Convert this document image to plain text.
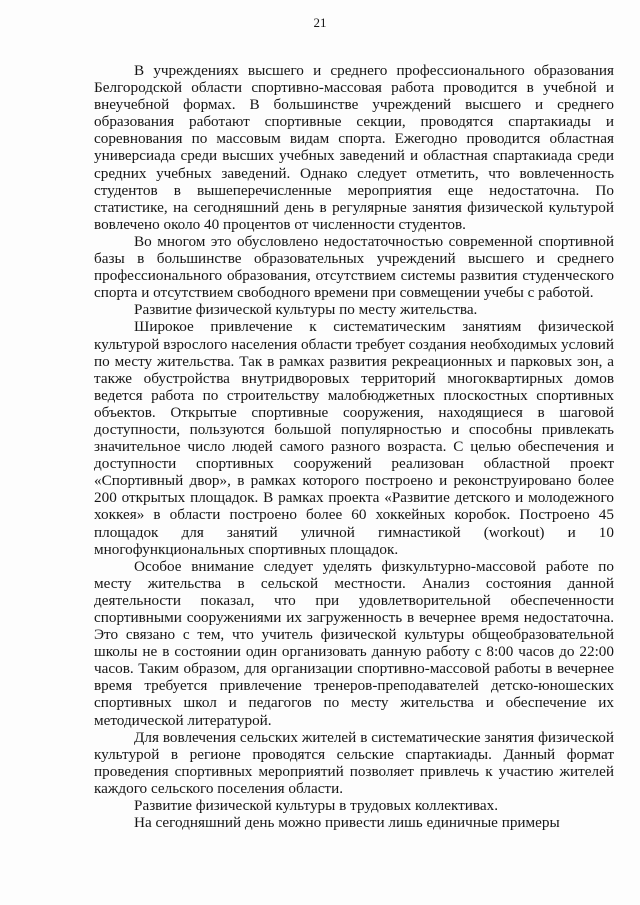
21

В учреждениях высшего и среднего профессионального образования Белгородской области спортивно-массовая работа проводится в учебной и внеучебной формах. В большинстве учреждений высшего и среднего образования работают спортивные секции, проводятся спартакиады и соревнования по массовым видам спорта. Ежегодно проводится областная универсиада среди высших учебных заведений и областная спартакиада среди средних учебных заведений. Однако следует отметить, что вовлеченность студентов в вышеперечисленные мероприятия еще недостаточна. По статистике, на сегодняшний день в регулярные занятия физической культурой вовлечено около 40 процентов от численности студентов.

Во многом это обусловлено недостаточностью современной спортивной базы в большинстве образовательных учреждений высшего и среднего профессионального образования, отсутствием системы развития студенческого спорта и отсутствием свободного времени при совмещении учебы с работой.

Развитие физической культуры по месту жительства.

Широкое привлечение к систематическим занятиям физической культурой взрослого населения области требует создания необходимых условий по месту жительства. Так в рамках развития рекреационных и парковых зон, а также обустройства внутридворовых территорий многоквартирных домов ведется работа по строительству малобюджетных плоскостных спортивных объектов. Открытые спортивные сооружения, находящиеся в шаговой доступности, пользуются большой популярностью и способны привлекать значительное число людей самого разного возраста. С целью обеспечения и доступности спортивных сооружений реализован областной проект «Спортивный двор», в рамках которого построено и реконструировано более 200 открытых площадок. В рамках проекта «Развитие детского и молодежного хоккея» в области построено более 60 хоккейных коробок. Построено 45 площадок для занятий уличной гимнастикой (workout) и 10 многофункциональных спортивных площадок.

Особое внимание следует уделять физкультурно-массовой работе по месту жительства в сельской местности. Анализ состояния данной деятельности показал, что при удовлетворительной обеспеченности спортивными сооружениями их загруженность в вечернее время недостаточна. Это связано с тем, что учитель физической культуры общеобразовательной школы не в состоянии один организовать данную работу с 8:00 часов до 22:00 часов. Таким образом, для организации спортивно-массовой работы в вечернее время требуется привлечение тренеров-преподавателей детско-юношеских спортивных школ и педагогов по месту жительства и обеспечение их методической литературой.

Для вовлечения сельских жителей в систематические занятия физической культурой в регионе проводятся сельские спартакиады. Данный формат проведения спортивных мероприятий позволяет привлечь к участию жителей каждого сельского поселения области.

Развитие физической культуры в трудовых коллективах.

На сегодняшний день можно привести лишь единичные примеры
